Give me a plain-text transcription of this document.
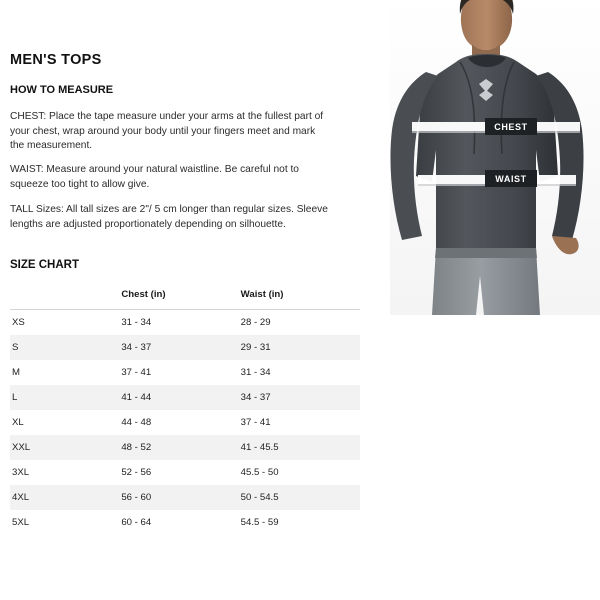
CHEST
WAIST
MEN'S TOPS
HOW TO MEASURE
CHEST: Place the tape measure under your arms at the fullest part of your chest, wrap around your body until your fingers meet and mark the measurement.
WAIST: Measure around your natural waistline. Be careful not to squeeze too tight to allow give.
TALL Sizes: All tall sizes are 2"/ 5 cm longer than regular sizes. Sleeve lengths are adjusted proportionately depending on silhouette.
SIZE CHART
	Chest (in)	Waist (in)
XS	31 - 34	28 - 29
S	34 - 37	29 - 31
M	37 - 41	31 - 34
L	41 - 44	34 - 37
XL	44 - 48	37 - 41
XXL	48 - 52	41 - 45.5
3XL	52 - 56	45.5 - 50
4XL	56 - 60	50 - 54.5
5XL	60 - 64	54.5 - 59
